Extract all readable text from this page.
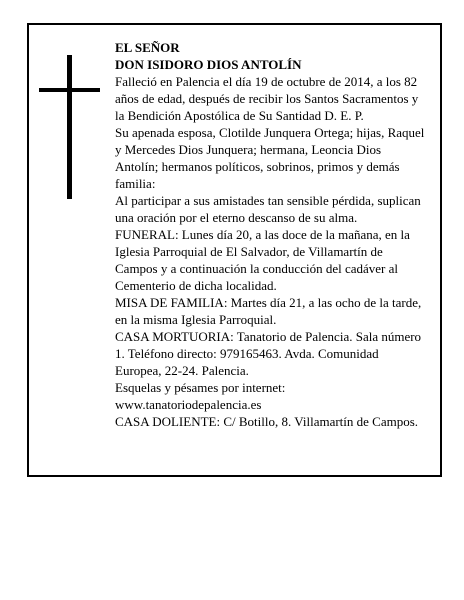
EL SEÑOR

DON ISIDORO DIOS ANTOLÍN

Falleció en Palencia el día 19 de octubre de 2014, a los 82 años de edad, después de recibir los Santos Sacramentos y la Bendición Apostólica de Su Santidad D. E. P.

Su apenada esposa, Clotilde Junquera Ortega; hijas, Raquel y Mercedes Dios Junquera; hermana, Leoncia Dios Antolín; hermanos políticos, sobrinos, primos y demás familia:

Al participar a sus amistades tan sensible pérdida, suplican una oración por el eterno descanso de su alma.

FUNERAL: Lunes día 20, a las doce de la mañana, en la Iglesia Parroquial de El Salvador, de Villamartín de Campos y a continuación la conducción del cadáver al Cementerio de dicha localidad.

MISA DE FAMILIA: Martes día 21, a las ocho de la tarde, en la misma Iglesia Parroquial.

CASA MORTUORIA: Tanatorio de Palencia. Sala número 1. Teléfono directo: 979165463. Avda. Comunidad Europea, 22-24. Palencia.

Esquelas y pésames por internet: www.tanatoriodepalencia.es

CASA DOLIENTE: C/ Botillo, 8. Villamartín de Campos.
